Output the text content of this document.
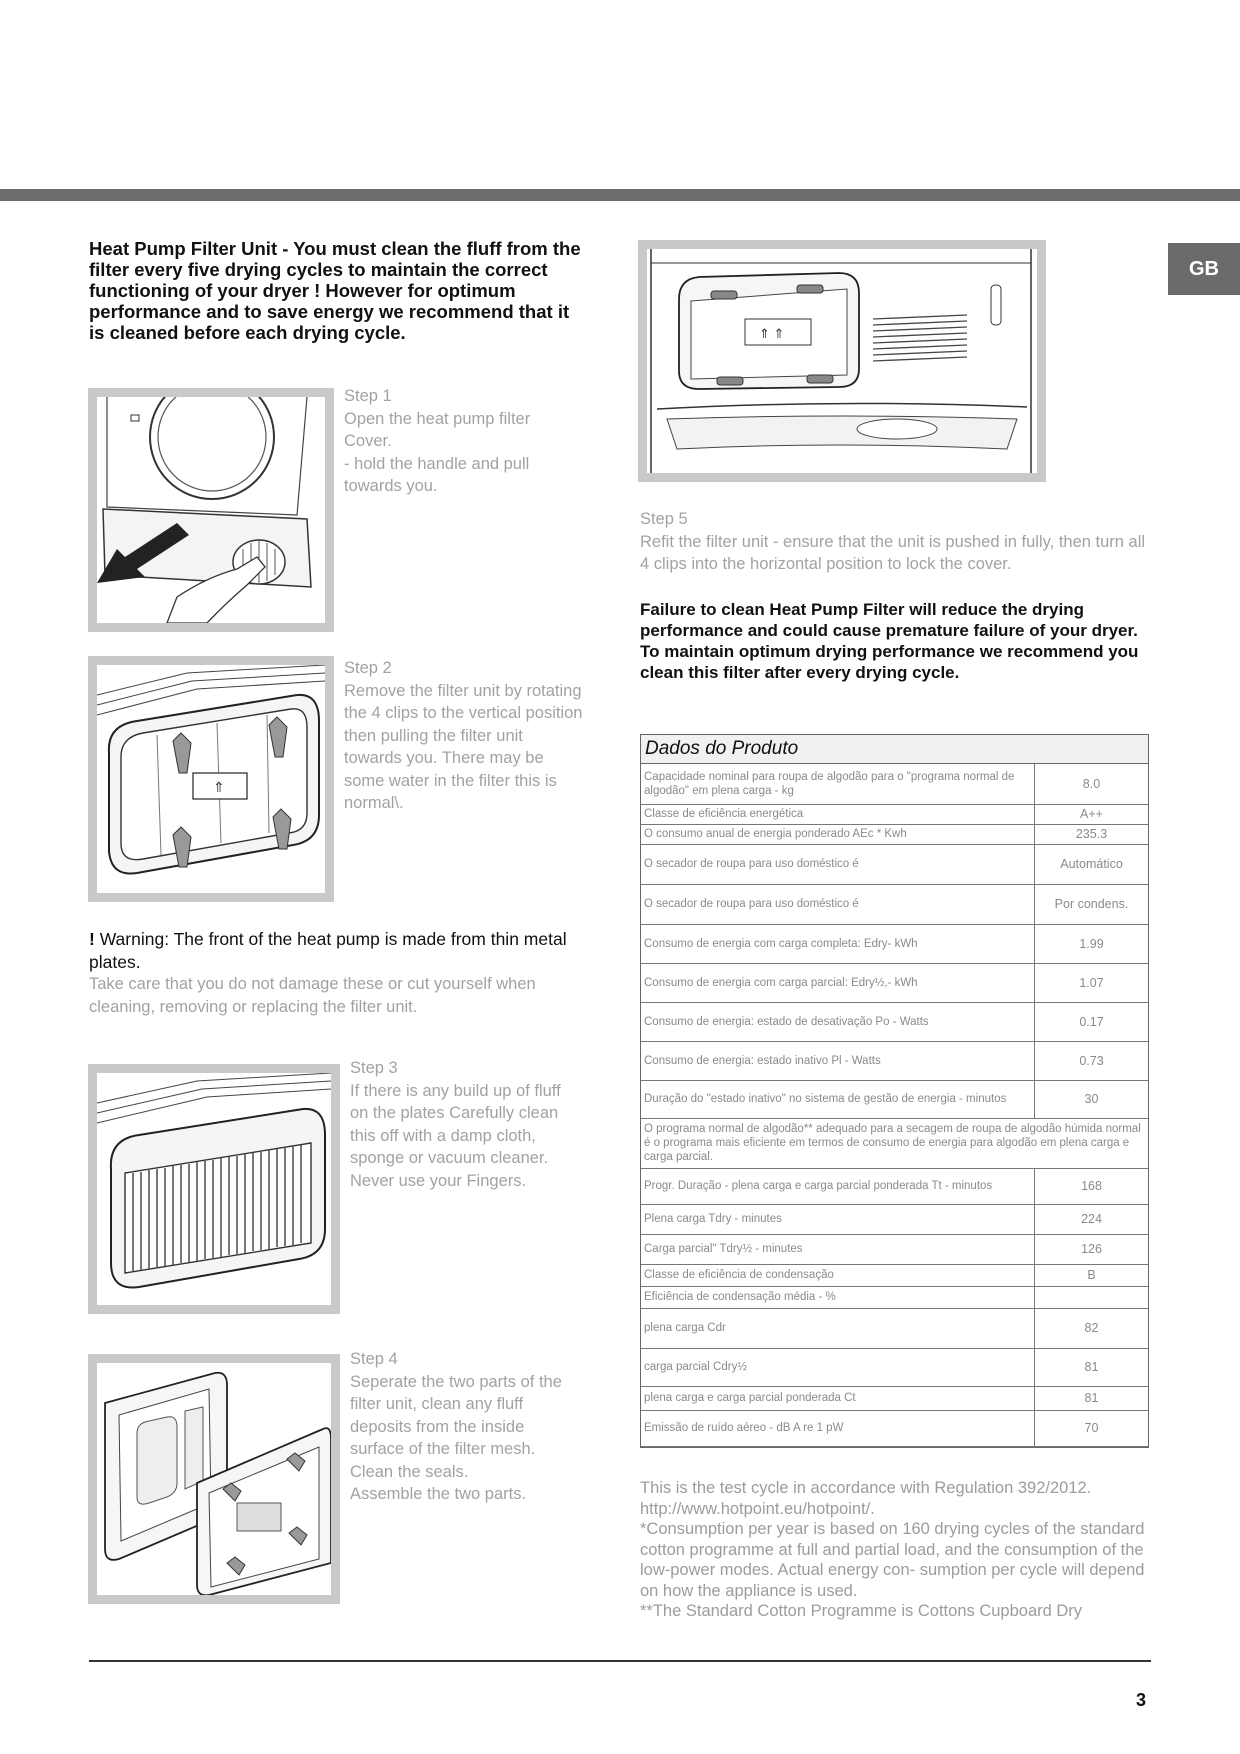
GB

Heat Pump Filter Unit - You must clean the fluff from the filter every five drying cycles to maintain the correct functioning of your dryer ! However for optimum performance and to save energy we recommend that it is cleaned before each drying cycle.

Step 1

Open the heat pump filter Cover.

- hold the handle and pull towards you.

⇑

Step 2

Remove the filter unit by rotating the 4 clips to the vertical position then pulling the filter unit towards you. There may be some water in the filter this is normal\.

! Warning: The front of the heat pump is made from thin metal plates.
Take care that you do not damage these or cut yourself when cleaning, removing or replacing the filter unit.

Step 3

If there is any build up of fluff on the plates Carefully clean this off with a damp cloth, sponge or vacuum cleaner.

Never use your Fingers.

Step 4

Seperate the two parts of the filter unit, clean any fluff deposits from the inside surface of the filter mesh.

Clean the seals.

Assemble the two parts.

⇑ ⇑

Step 5

Refit the filter unit - ensure that the unit is pushed in fully, then turn all 4 clips into the horizontal position to lock the cover.

Failure to clean Heat Pump Filter will reduce the drying performance and could cause premature failure of your dryer.
To maintain optimum drying performance we recommend you clean this filter after every drying cycle.
Dados do Produto
Capacidade nominal para roupa de algodão para o "programa normal de algodão" em plena carga - kg	8.0
Classe de eficiência energética	A++
O consumo anual de energia ponderado AEc * Kwh	235.3
O secador de roupa para uso doméstico é	Automático
O secador de roupa para uso doméstico é	Por condens.
Consumo de energia com carga completa: Edry- kWh	1.99
Consumo de energia com carga parcial: Edry½,- kWh	1.07
Consumo de energia: estado de desativação Po - Watts	0.17
Consumo de energia: estado inativo Pl - Watts	0.73
Duração do "estado inativo" no sistema de gestão de energia - minutos	30
O programa normal de algodão** adequado para a secagem de roupa de algodão húmida normal é o programa mais eficiente em termos de consumo de energia para algodão em plena carga e carga parcial.	
Progr. Duração - plena carga e carga parcial ponderada Tt - minutos	168
Plena carga Tdry - minutes	224
Carga parcial" Tdry½ - minutes	126
Classe de eficiência de condensação	B
Eficiência de condensação média - %	
plena carga Cdr	82
carga parcial Cdry½	81
plena carga e carga parcial ponderada Ct	81
Emissão de ruído aéreo - dB A re 1 pW	70

This is the test cycle in accordance with Regulation 392/2012.

http://www.hotpoint.eu/hotpoint/.

*Consumption per year is based on 160 drying cycles of the standard cotton programme at full and partial load, and the consumption of the low-power modes. Actual energy con- sumption per cycle will depend on how the appliance is used.

**The Standard Cotton Programme is Cottons Cupboard Dry

3
